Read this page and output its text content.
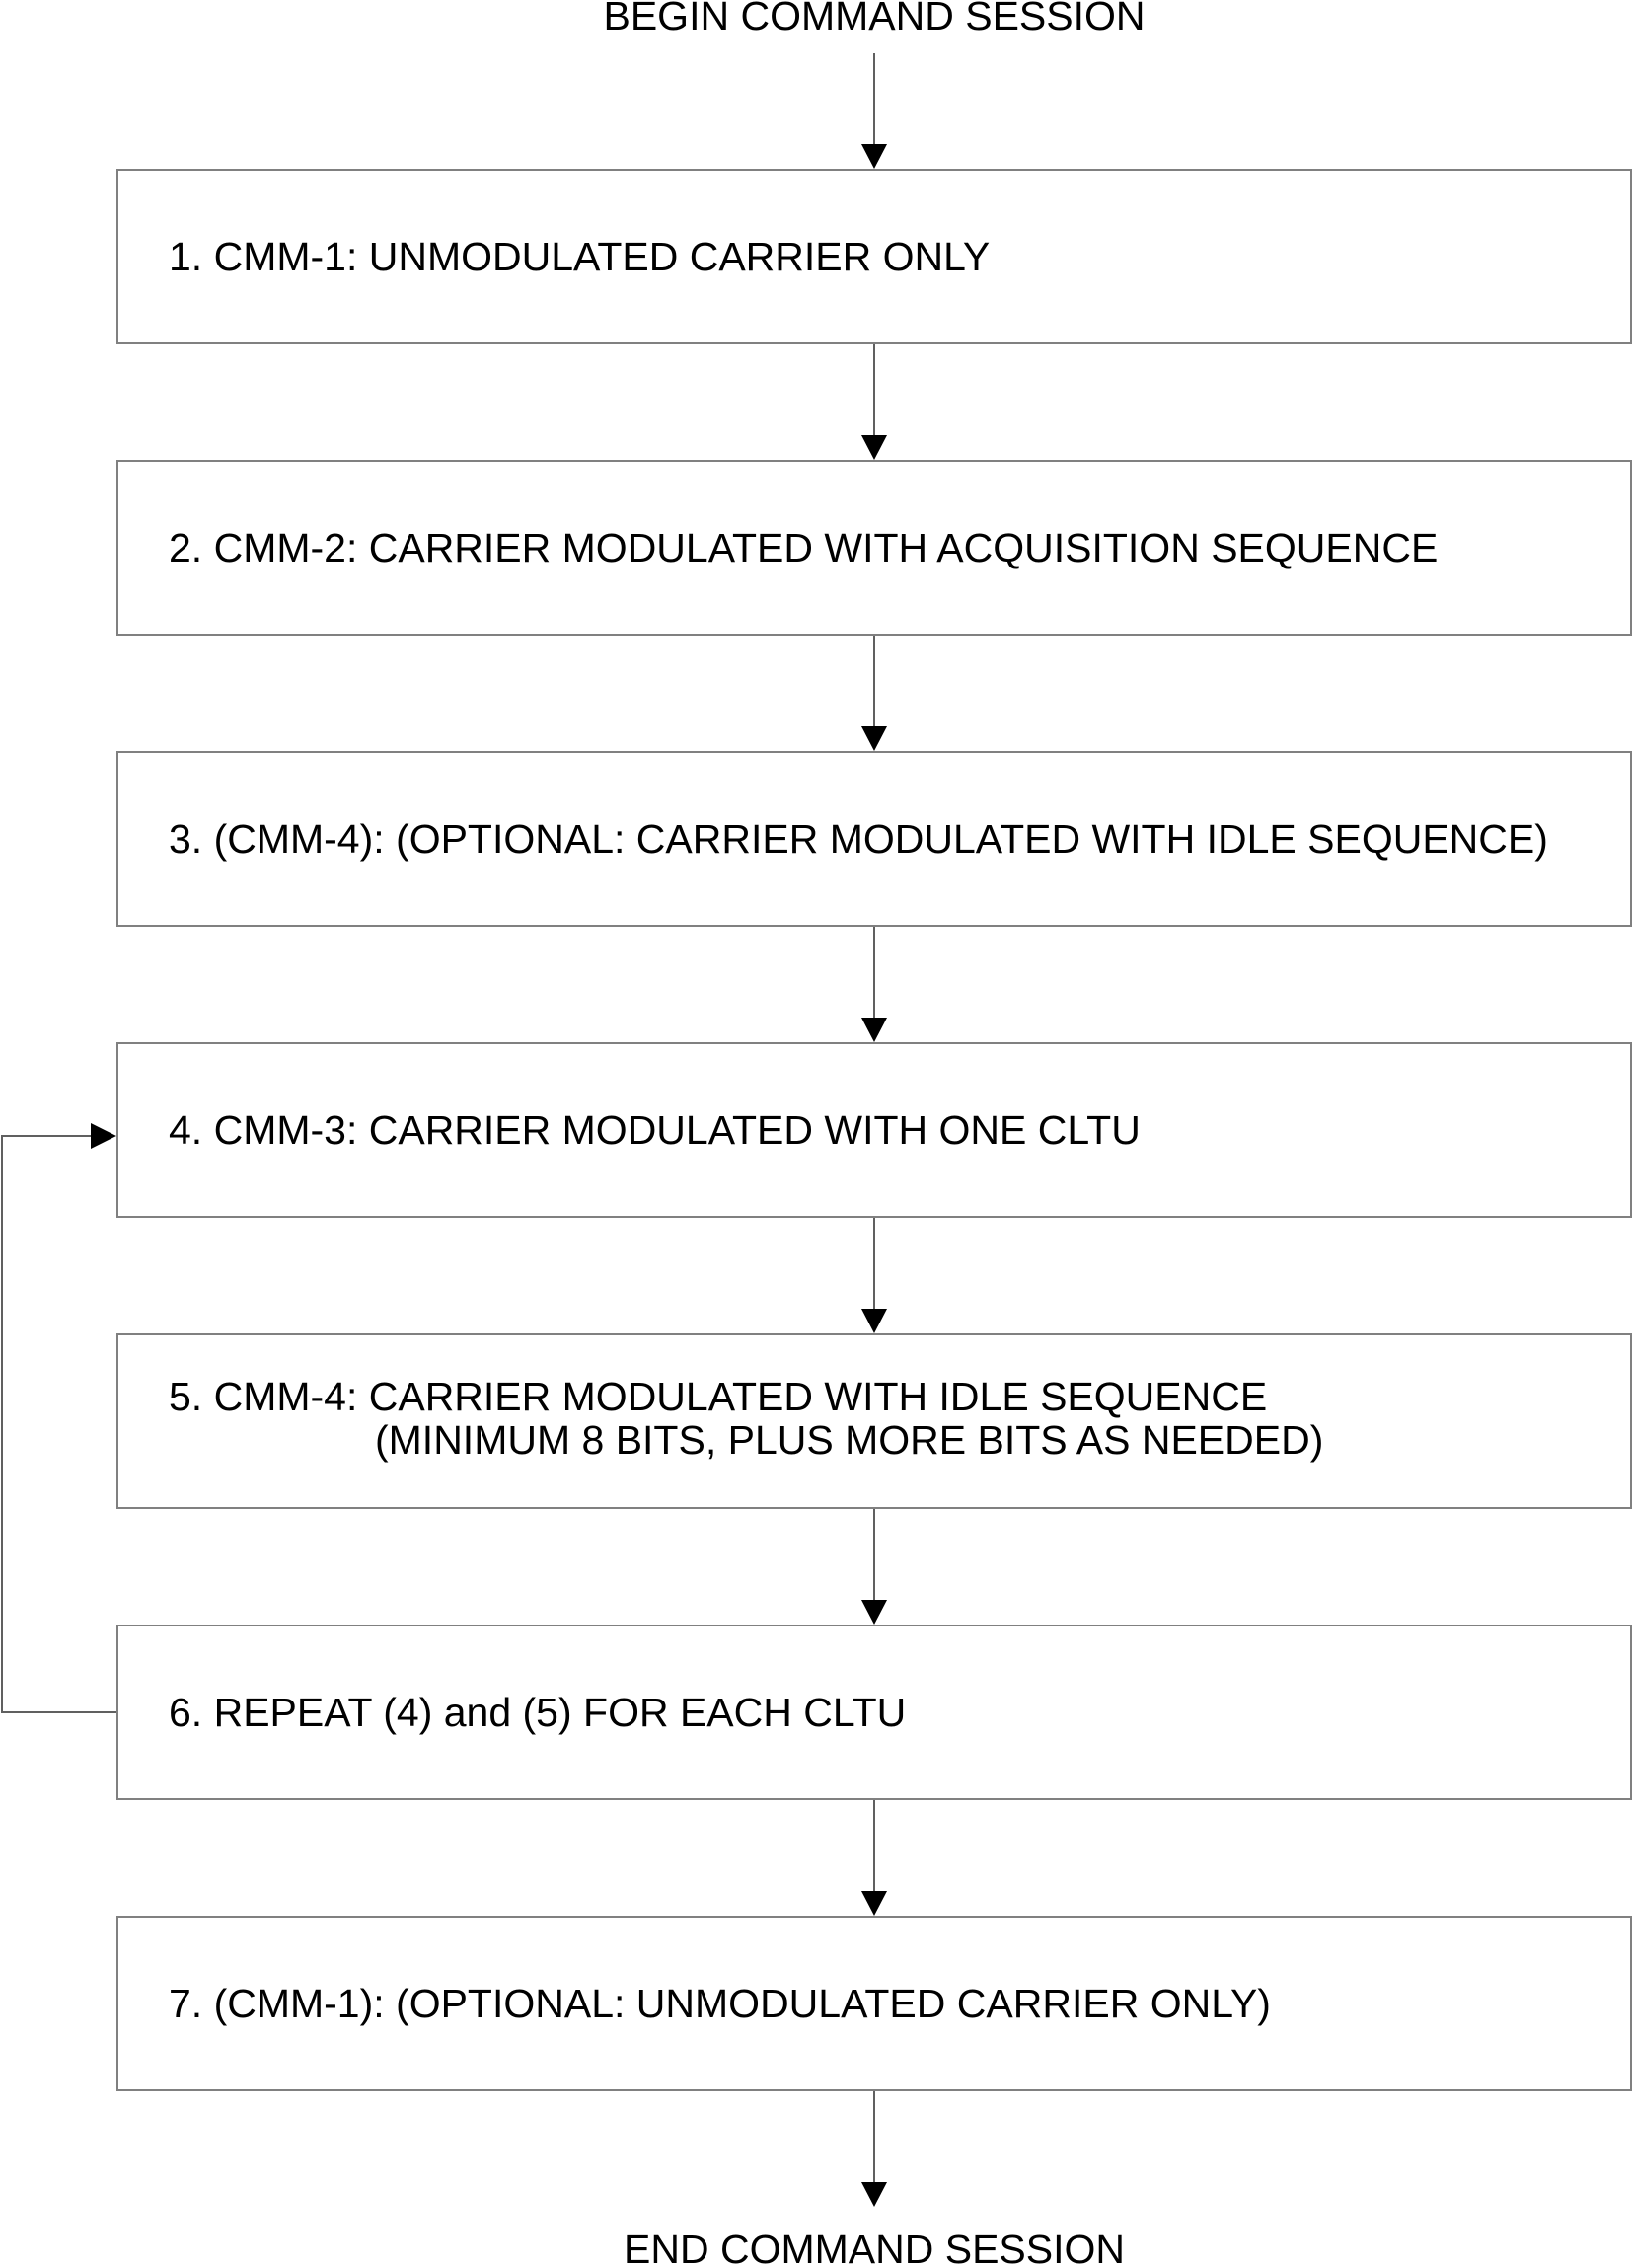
BEGIN COMMAND SESSION
END COMMAND SESSION
1. CMM-1: UNMODULATED CARRIER ONLY
2. CMM-2: CARRIER MODULATED WITH ACQUISITION SEQUENCE
3. (CMM-4): (OPTIONAL: CARRIER MODULATED WITH IDLE SEQUENCE)
4. CMM-3: CARRIER MODULATED WITH ONE CLTU
5. CMM-4: CARRIER MODULATED WITH IDLE SEQUENCE
(MINIMUM 8 BITS, PLUS MORE BITS AS NEEDED)
6. REPEAT (4) and (5) FOR EACH CLTU
7. (CMM-1): (OPTIONAL: UNMODULATED CARRIER ONLY)
